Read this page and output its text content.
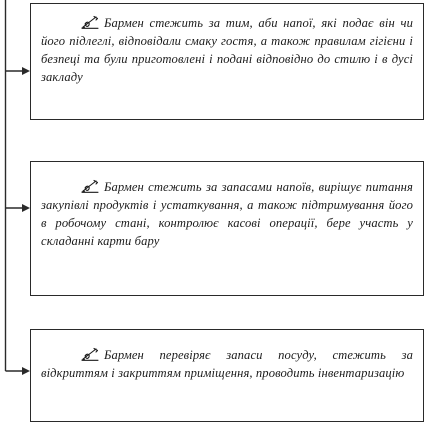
Бармен стежить за тим, аби напої, які подає він чи його підлеглі, відповідали смаку гостя, а також правилам гігієни і безпеці та були приготовлені і подані відповідно до стилю і в дусі закладу

Бармен стежить за запасами напоїв, вирішує питання закупівлі продуктів і устаткування, а також підтримування його в робочому стані, контролює касові операції, бере участь у складанні карти бару

Бармен перевіряє запаси посуду, стежить за відкриттям і закриттям приміщення, проводить інвентаризацію
